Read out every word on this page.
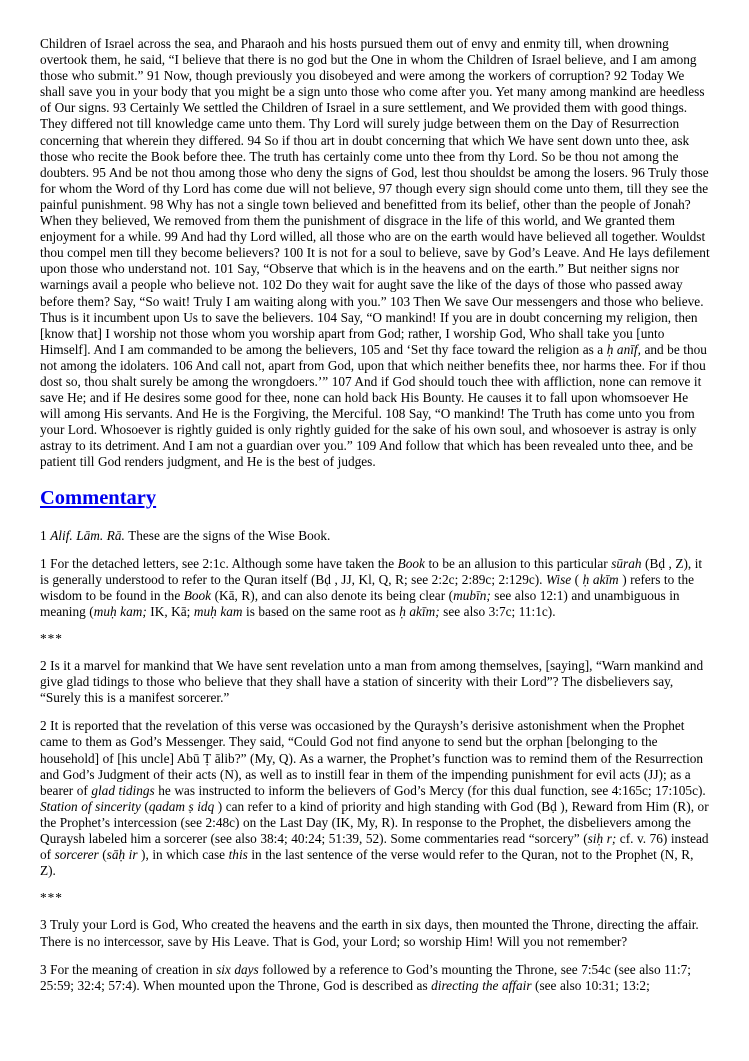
Children of Israel across the sea, and Pharaoh and his hosts pursued them out of envy and enmity till, when drowning overtook them, he said, “I believe that there is no god but the One in whom the Children of Israel believe, and I am among those who submit.” 91 Now, though previously you disobeyed and were among the workers of corruption? 92 Today We shall save you in your body that you might be a sign unto those who come after you. Yet many among mankind are heedless of Our signs. 93 Certainly We settled the Children of Israel in a sure settlement, and We provided them with good things. They differed not till knowledge came unto them. Thy Lord will surely judge between them on the Day of Resurrection concerning that wherein they differed. 94 So if thou art in doubt concerning that which We have sent down unto thee, ask those who recite the Book before thee. The truth has certainly come unto thee from thy Lord. So be thou not among the doubters. 95 And be not thou among those who deny the signs of God, lest thou shouldst be among the losers. 96 Truly those for whom the Word of thy Lord has come due will not believe, 97 though every sign should come unto them, till they see the painful punishment. 98 Why has not a single town believed and benefitted from its belief, other than the people of Jonah? When they believed, We removed from them the punishment of disgrace in the life of this world, and We granted them enjoyment for a while. 99 And had thy Lord willed, all those who are on the earth would have believed all together. Wouldst thou compel men till they become believers? 100 It is not for a soul to believe, save by God’s Leave. And He lays defilement upon those who understand not. 101 Say, “Observe that which is in the heavens and on the earth.” But neither signs nor warnings avail a people who believe not. 102 Do they wait for aught save the like of the days of those who passed away before them? Say, “So wait! Truly I am waiting along with you.” 103 Then We save Our messengers and those who believe. Thus is it incumbent upon Us to save the believers. 104 Say, “O mankind! If you are in doubt concerning my religion, then [know that] I worship not those whom you worship apart from God; rather, I worship God, Who shall take you [unto Himself]. And I am commanded to be among the believers, 105 and ‘Set thy face toward the religion as a ḥ anīf, and be thou not among the idolaters. 106 And call not, apart from God, upon that which neither benefits thee, nor harms thee. For if thou dost so, thou shalt surely be among the wrongdoers.’” 107 And if God should touch thee with affliction, none can remove it save He; and if He desires some good for thee, none can hold back His Bounty. He causes it to fall upon whomsoever He will among His servants. And He is the Forgiving, the Merciful. 108 Say, “O mankind! The Truth has come unto you from your Lord. Whosoever is rightly guided is only rightly guided for the sake of his own soul, and whosoever is astray is only astray to its detriment. And I am not a guardian over you.” 109 And follow that which has been revealed unto thee, and be patient till God renders judgment, and He is the best of judges.

Commentary

1 Alif. Lām. Rā. These are the signs of the Wise Book.

1 For the detached letters, see 2:1c. Although some have taken the Book to be an allusion to this particular sūrah (Bḍ , Z), it is generally understood to refer to the Quran itself (Bḍ , JJ, Kl, Q, R; see 2:2c; 2:89c; 2:129c). Wise ( ḥ akīm ) refers to the wisdom to be found in the Book (Kā, R), and can also denote its being clear (mubīn; see also 12:1) and unambiguous in meaning (muḥ kam; IK, Kā; muḥ kam is based on the same root as ḥ akīm; see also 3:7c; 11:1c).

***

2 Is it a marvel for mankind that We have sent revelation unto a man from among themselves, [saying], “Warn mankind and give glad tidings to those who believe that they shall have a station of sincerity with their Lord”? The disbelievers say, “Surely this is a manifest sorcerer.”

2 It is reported that the revelation of this verse was occasioned by the Quraysh’s derisive astonishment when the Prophet came to them as God’s Messenger. They said, “Could God not find anyone to send but the orphan [belonging to the household] of [his uncle] Abū Ṭ ālib?” (My, Q). As a warner, the Prophet’s function was to remind them of the Resurrection and God’s Judgment of their acts (N), as well as to instill fear in them of the impending punishment for evil acts (JJ); as a bearer of glad tidings he was instructed to inform the believers of God’s Mercy (for this dual function, see 4:165c; 17:105c). Station of sincerity (qadam ṣ idq ) can refer to a kind of priority and high standing with God (Bḍ ), Reward from Him (R), or the Prophet’s intercession (see 2:48c) on the Last Day (IK, My, R). In response to the Prophet, the disbelievers among the Quraysh labeled him a sorcerer (see also 38:4; 40:24; 51:39, 52). Some commentaries read “sorcery” (siḥ r; cf. v. 76) instead of sorcerer (sāḥ ir ), in which case this in the last sentence of the verse would refer to the Quran, not to the Prophet (N, R, Z).

***

3 Truly your Lord is God, Who created the heavens and the earth in six days, then mounted the Throne, directing the affair. There is no intercessor, save by His Leave. That is God, your Lord; so worship Him! Will you not remember?

3 For the meaning of creation in six days followed by a reference to God’s mounting the Throne, see 7:54c (see also 11:7; 25:59; 32:4; 57:4). When mounted upon the Throne, God is described as directing the affair (see also 10:31; 13:2;
